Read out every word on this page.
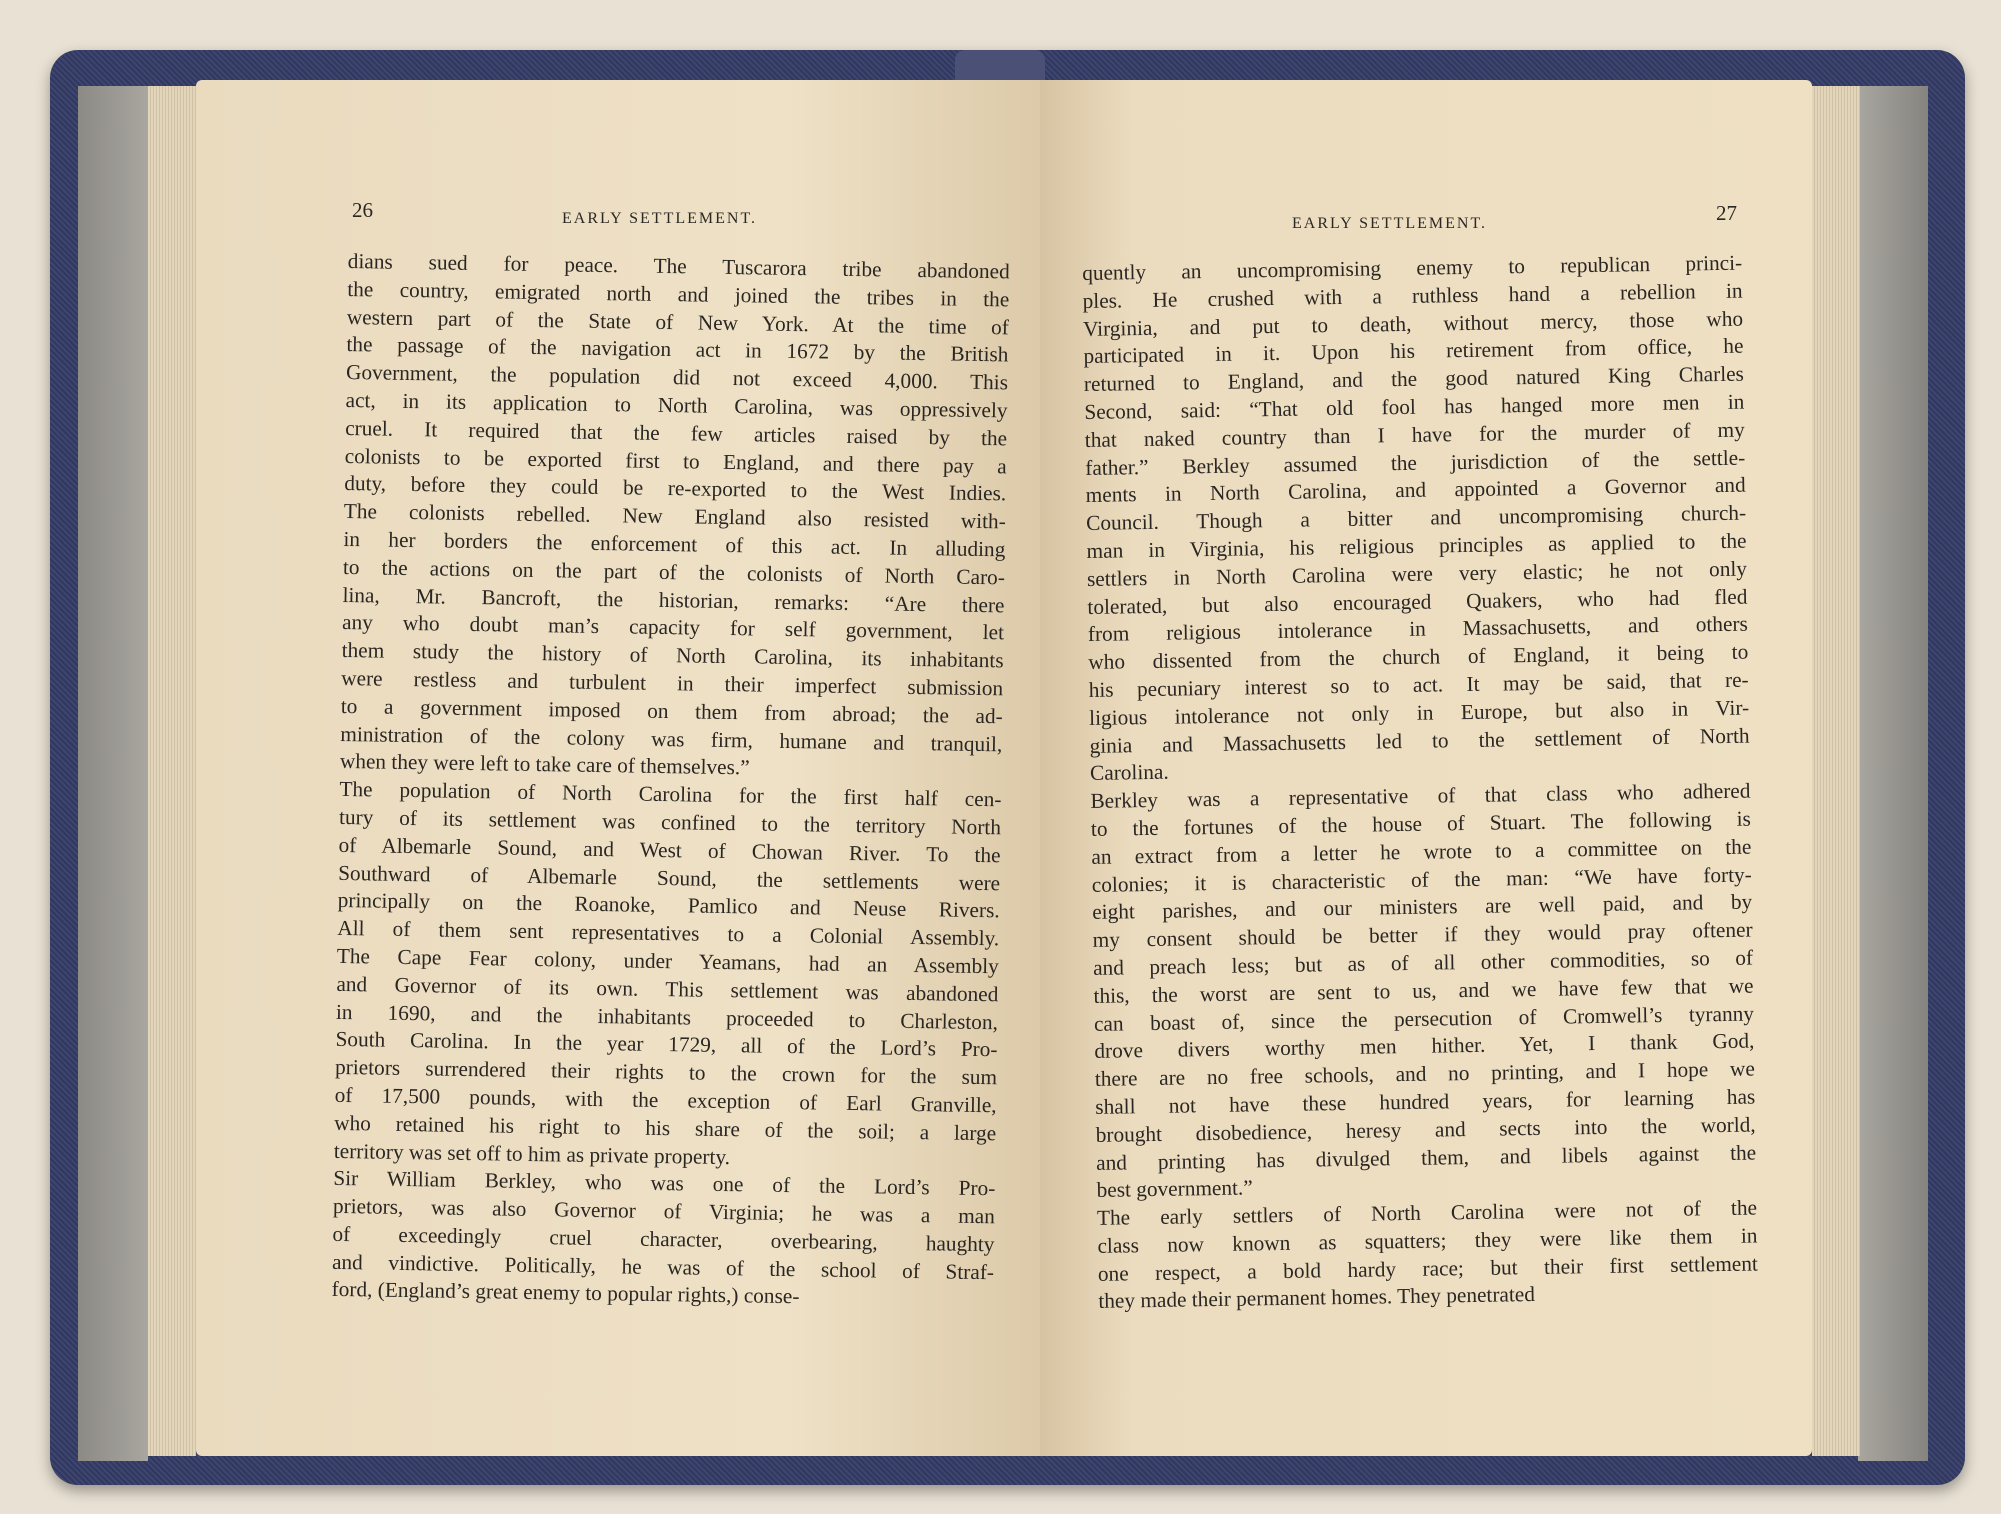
26	EARLY SETTLEMENT.
dians sued for peace. The Tuscarora tribe abandoned
the country, emigrated north and joined the tribes in the
western part of the State of New York. At the time of
the passage of the navigation act in 1672 by the British
Government, the population did not exceed 4,000. This
act, in its application to North Carolina, was oppressively
cruel. It required that the few articles raised by the
colonists to be exported first to England, and there pay a
duty, before they could be re-exported to the West Indies.
The colonists rebelled. New England also resisted with-
in her borders the enforcement of this act. In alluding
to the actions on the part of the colonists of North Caro-
lina, Mr. Bancroft, the historian, remarks: “Are there
any who doubt man’s capacity for self government, let
them study the history of North Carolina, its inhabitants
were restless and turbulent in their imperfect submission
to a government imposed on them from abroad; the ad-
ministration of the colony was firm, humane and tranquil,
when they were left to take care of themselves.”
The population of North Carolina for the first half cen-
tury of its settlement was confined to the territory North
of Albemarle Sound, and West of Chowan River. To the
Southward of Albemarle Sound, the settlements were
principally on the Roanoke, Pamlico and Neuse Rivers.
All of them sent representatives to a Colonial Assembly.
The Cape Fear colony, under Yeamans, had an Assembly
and Governor of its own. This settlement was abandoned
in 1690, and the inhabitants proceeded to Charleston,
South Carolina. In the year 1729, all of the Lord’s Pro-
prietors surrendered their rights to the crown for the sum
of 17,500 pounds, with the exception of Earl Granville,
who retained his right to his share of the soil; a large
territory was set off to him as private property.
Sir William Berkley, who was one of the Lord’s Pro-
prietors, was also Governor of Virginia; he was a man
of exceedingly cruel character, overbearing, haughty
and vindictive. Politically, he was of the school of Straf-
ford, (England’s great enemy to popular rights,) conse-
EARLY SETTLEMENT.	27
quently an uncompromising enemy to republican princi-
ples. He crushed with a ruthless hand a rebellion in
Virginia, and put to death, without mercy, those who
participated in it. Upon his retirement from office, he
returned to England, and the good natured King Charles
Second, said: “That old fool has hanged more men in
that naked country than I have for the murder of my
father.” Berkley assumed the jurisdiction of the settle-
ments in North Carolina, and appointed a Governor and
Council. Though a bitter and uncompromising church-
man in Virginia, his religious principles as applied to the
settlers in North Carolina were very elastic; he not only
tolerated, but also encouraged Quakers, who had fled
from religious intolerance in Massachusetts, and others
who dissented from the church of England, it being to
his pecuniary interest so to act. It may be said, that re-
ligious intolerance not only in Europe, but also in Vir-
ginia and Massachusetts led to the settlement of North
Carolina.
Berkley was a representative of that class who adhered
to the fortunes of the house of Stuart. The following is
an extract from a letter he wrote to a committee on the
colonies; it is characteristic of the man: “We have forty-
eight parishes, and our ministers are well paid, and by
my consent should be better if they would pray oftener
and preach less; but as of all other commodities, so of
this, the worst are sent to us, and we have few that we
can boast of, since the persecution of Cromwell’s tyranny
drove divers worthy men hither. Yet, I thank God,
there are no free schools, and no printing, and I hope we
shall not have these hundred years, for learning has
brought disobedience, heresy and sects into the world,
and printing has divulged them, and libels against the
best government.”
The early settlers of North Carolina were not of the
class now known as squatters; they were like them in
one respect, a bold hardy race; but their first settlement
they made their permanent homes. They penetrated
